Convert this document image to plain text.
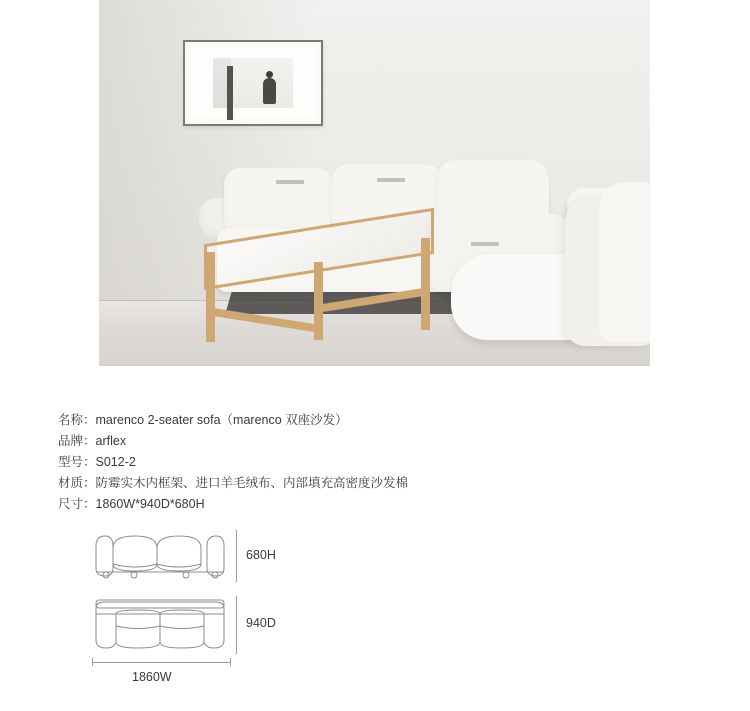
名称：marenco 2-seater sofa（marenco 双座沙发）
品牌：arflex
型号：S012-2
材质：防霉实木内框架、进口羊毛绒布、内部填充高密度沙发棉
尺寸：1860W*940D*680H
680H
940D
1860W
